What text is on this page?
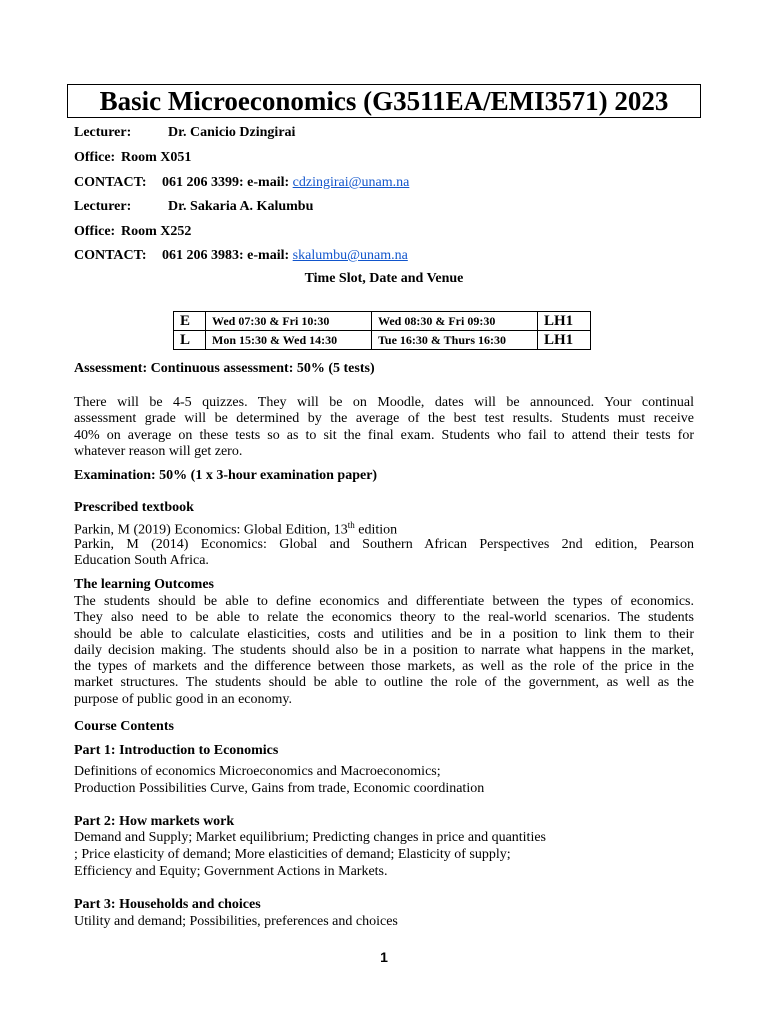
Basic Microeconomics (G3511EA/EMI3571) 2023
Lecturer:	Dr. Canicio Dzingirai
Office: Room X051
CONTACT: 061 206 3399: e-mail: cdzingirai@unam.na
Lecturer:	Dr. Sakaria A. Kalumbu
Office: Room X252
CONTACT: 061 206 3983: e-mail: skalumbu@unam.na
Time Slot, Date and Venue
E	Wed 07:30 & Fri 10:30	Wed 08:30 & Fri 09:30	LH1
L	Mon 15:30 & Wed 14:30	Tue 16:30 & Thurs 16:30	LH1
Assessment: Continuous assessment: 50% (5 tests)
There will be 4-5 quizzes. They will be on Moodle, dates will be announced. Your continual
assessment grade will be determined by the average of the best test results. Students must receive
40% on average on these tests so as to sit the final exam. Students who fail to attend their tests for
whatever reason will get zero.
Examination: 50% (1 x 3-hour examination paper)
Prescribed textbook
Parkin, M (2019) Economics: Global Edition, 13th edition
Parkin, M (2014) Economics: Global and Southern African Perspectives 2nd edition, Pearson
Education South Africa.
The learning Outcomes
The students should be able to define economics and differentiate between the types of economics.
They also need to be able to relate the economics theory to the real-world scenarios. The students
should be able to calculate elasticities, costs and utilities and be in a position to link them to their
daily decision making. The students should also be in a position to narrate what happens in the market,
the types of markets and the difference between those markets, as well as the role of the price in the
market structures. The students should be able to outline the role of the government, as well as the
purpose of public good in an economy.
Course Contents
Part 1: Introduction to Economics
Definitions of economics Microeconomics and Macroeconomics;
Production Possibilities Curve, Gains from trade, Economic coordination
Part 2: How markets work
Demand and Supply; Market equilibrium; Predicting changes in price and quantities
; Price elasticity of demand; More elasticities of demand; Elasticity of supply;
Efficiency and Equity; Government Actions in Markets.
Part 3: Households and choices
Utility and demand; Possibilities, preferences and choices
1
